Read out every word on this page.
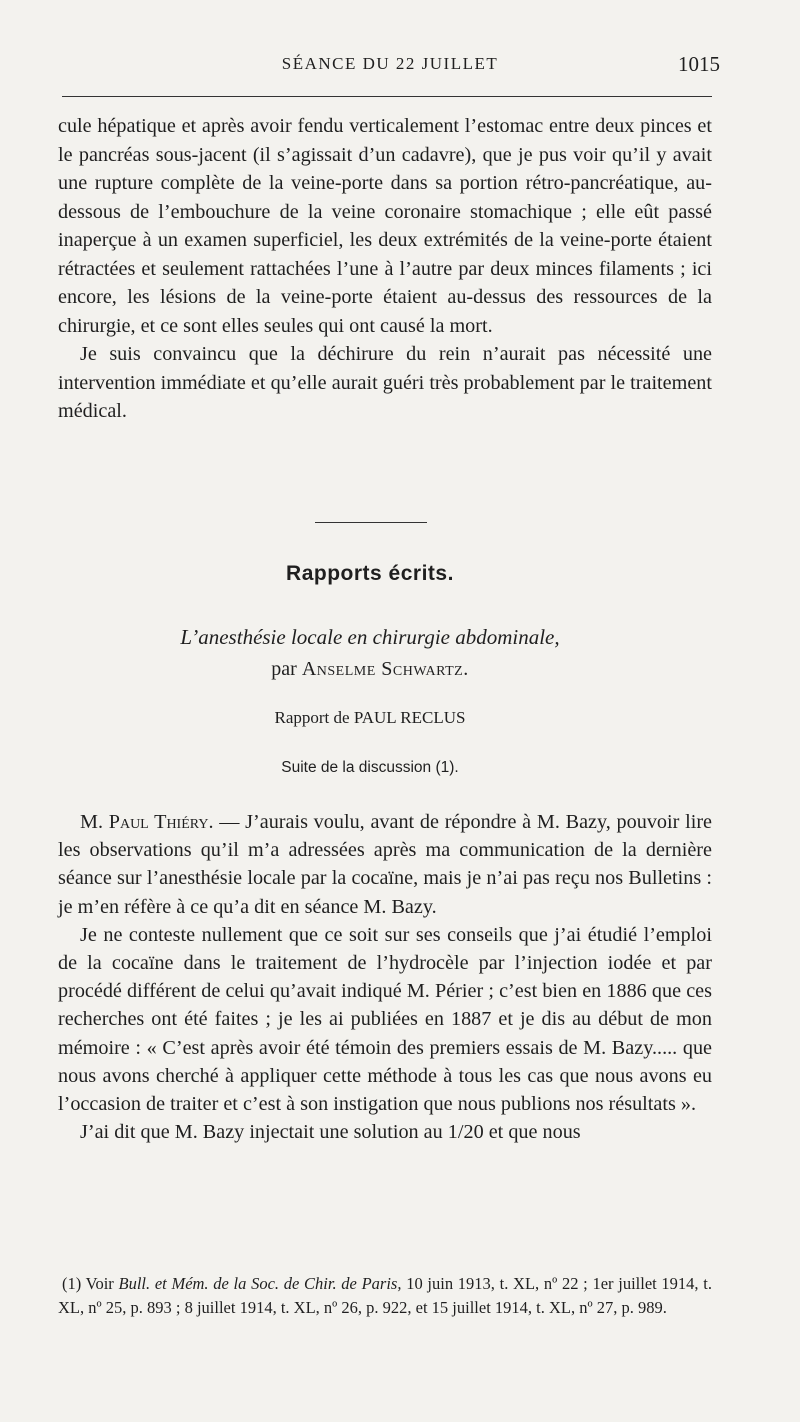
SÉANCE DU 22 JUILLET	1015

cule hépatique et après avoir fendu verticalement l’estomac entre deux pinces et le pancréas sous-jacent (il s’agissait d’un cadavre), que je pus voir qu’il y avait une rupture complète de la veine-porte dans sa portion rétro-pancréatique, au-dessous de l’embouchure de la veine coronaire stomachique ; elle eût passé inaperçue à un examen superficiel, les deux extrémités de la veine-porte étaient rétractées et seulement rattachées l’une à l’autre par deux minces filaments ; ici encore, les lésions de la veine-porte étaient au-dessus des ressources de la chirurgie, et ce sont elles seules qui ont causé la mort.

Je suis convaincu que la déchirure du rein n’aurait pas nécessité une intervention immédiate et qu’elle aurait guéri très probablement par le traitement médical.

Rapports écrits.
L’anesthésie locale en chirurgie abdominale,
par Anselme Schwartz.
Rapport de PAUL RECLUS
Suite de la discussion (1).

M. Paul Thiéry. — J’aurais voulu, avant de répondre à M. Bazy, pouvoir lire les observations qu’il m’a adressées après ma communication de la dernière séance sur l’anesthésie locale par la cocaïne, mais je n’ai pas reçu nos Bulletins : je m’en réfère à ce qu’a dit en séance M. Bazy.

Je ne conteste nullement que ce soit sur ses conseils que j’ai étudié l’emploi de la cocaïne dans le traitement de l’hydrocèle par l’injection iodée et par procédé différent de celui qu’avait indiqué M. Périer ; c’est bien en 1886 que ces recherches ont été faites ; je les ai publiées en 1887 et je dis au début de mon mémoire : « C’est après avoir été témoin des premiers essais de M. Bazy..... que nous avons cherché à appliquer cette méthode à tous les cas que nous avons eu l’occasion de traiter et c’est à son instigation que nous publions nos résultats ».

J’ai dit que M. Bazy injectait une solution au 1/20 et que nous

(1) Voir Bull. et Mém. de la Soc. de Chir. de Paris, 10 juin 1913, t. XL, nº 22 ; 1er juillet 1914, t. XL, nº 25, p. 893 ; 8 juillet 1914, t. XL, nº 26, p. 922, et 15 juillet 1914, t. XL, nº 27, p. 989.
